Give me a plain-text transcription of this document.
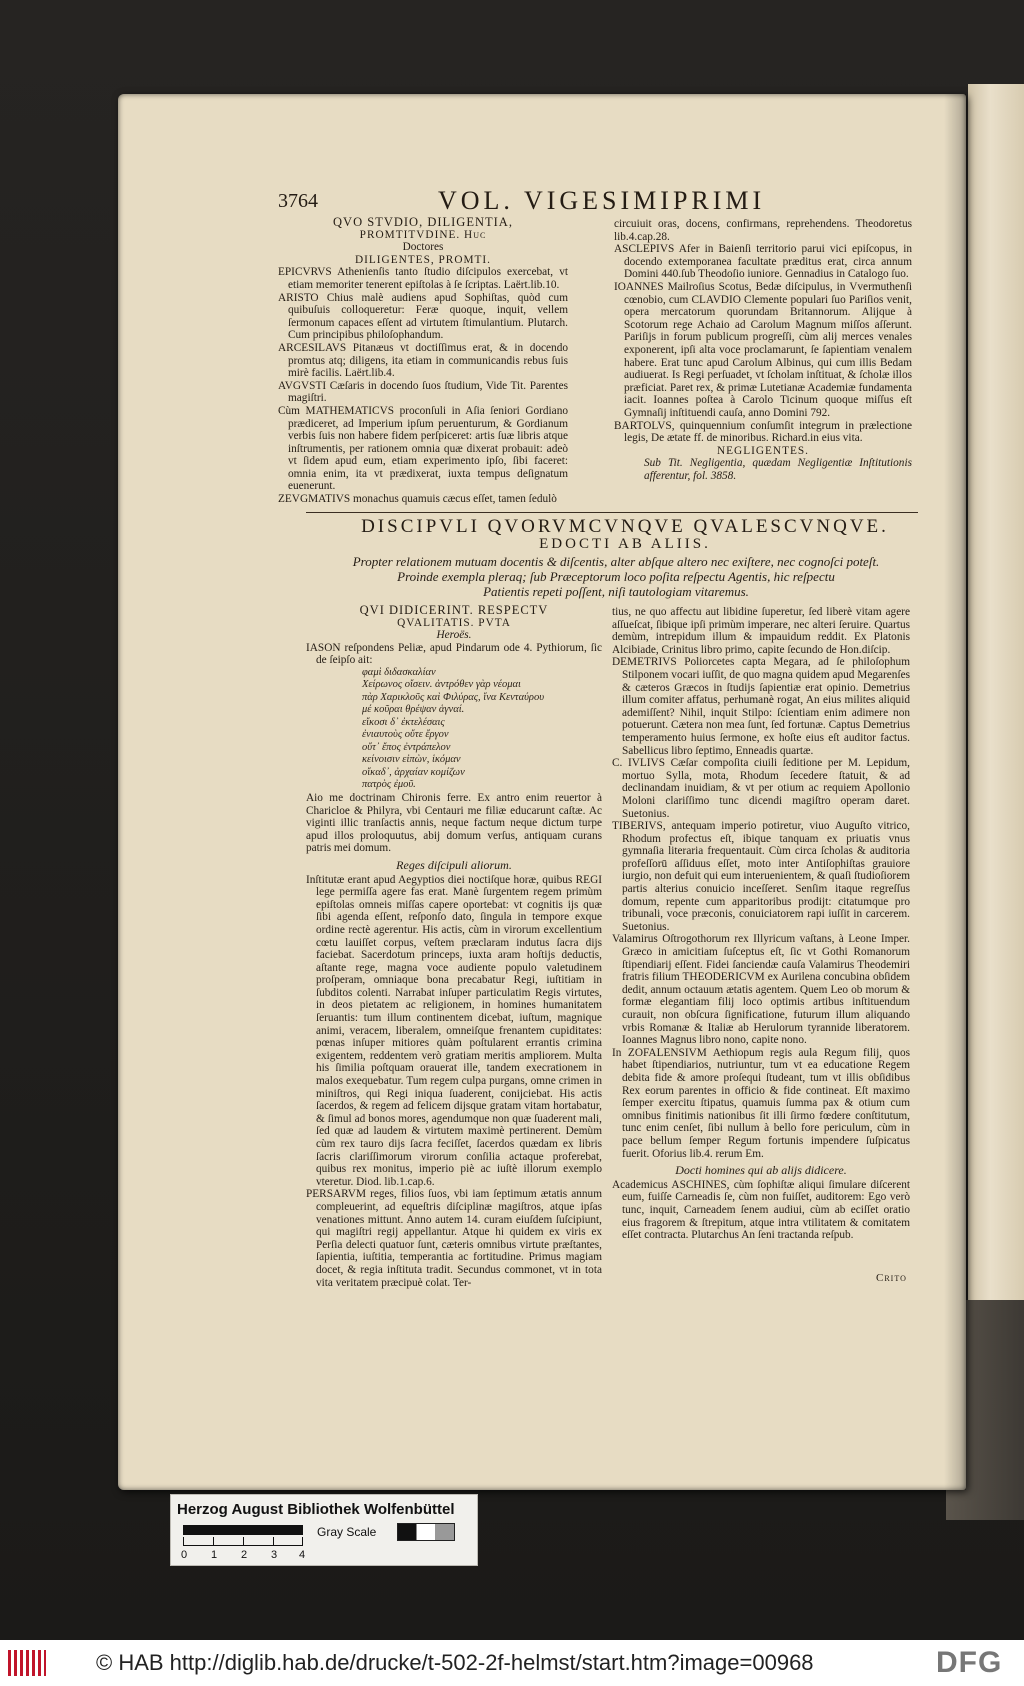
3764	VOL. VIGESIMIPRIMI

QVO STVDIO, DILIGENTIA,

PROMTITVDINE. Huc

Doctores

DILIGENTES, PROMTI.

EPICVRVS Athenienſis tanto ſtudio diſcipulos exercebat, vt etiam memoriter tenerent epiſtolas à ſe ſcriptas. Laërt.lib.10.

ARISTO Chius malè audiens apud Sophiſtas, quòd cum quibuſuis colloqueretur: Feræ quoque, inquit, vellem ſermonum capaces eſſent ad virtutem ſtimulantium. Plutarch. Cum principibus philoſophandum.

ARCESILAVS Pitanæus vt doctiſſimus erat, & in docendo promtus atq; diligens, ita etiam in communicandis rebus ſuis mirè facilis. Laërt.lib.4.

AVGVSTI Cæſaris in docendo ſuos ſtudium, Vide Tit. Parentes magiſtri.

Cùm MATHEMATICVS proconſuli in Aſia ſeniori Gordiano prædiceret, ad Imperium ipſum peruenturum, & Gordianum verbis ſuis non habere fidem perſpiceret: artis ſuæ libris atque inſtrumentis, per rationem omnia quæ dixerat probauit: adeò vt ſidem apud eum, etiam experimento ipſo, ſibi faceret: omnia enim, ita vt prædixerat, iuxta tempus deſignatum euenerunt.

ZEVGMATIVS monachus quamuis cæcus eſſet, tamen ſedulò

circuiuit oras, docens, confirmans, reprehendens. Theodoretus lib.4.cap.28.

ASCLEPIVS Afer in Baienſi territorio parui vici epiſcopus, in docendo extemporanea facultate præditus erat, circa annum Domini 440.ſub Theodoſio iuniore. Gennadius in Catalogo ſuo.

IOANNES Mailroſius Scotus, Bedæ diſcipulus, in Vvermuthenſi cœnobio, cum CLAVDIO Clemente populari ſuo Pariſios venit, opera mercatorum quorundam Britannorum. Alijque à Scotorum rege Achaio ad Carolum Magnum miſſos aſſerunt. Pariſijs in forum publicum progreſſi, cùm alij merces venales exponerent, ipſi alta voce proclamarunt, ſe ſapientiam venalem habere. Erat tunc apud Carolum Albinus, qui cum illis Bedam audiuerat. Is Regi perſuadet, vt ſcholam inſtituat, & ſcholæ illos præficiat. Paret rex, & primæ Lutetianæ Academiæ fundamenta iacit. Ioannes poſtea à Carolo Ticinum quoque miſſus eſt Gymnaſij inſtituendi cauſa, anno Domini 792.

BARTOLVS, quinquennium conſumſit integrum in prælectione legis, De ætate ff. de minoribus. Richard.in eius vita.

NEGLIGENTES.

Sub Tit. Negligentia, quædam Negligentiæ Inſtitutionis afferentur, fol. 3858.

DISCIPVLI QVORVMCVNQVE QVALESCVNQVE.
EDOCTI AB ALIIS.
Propter relationem mutuam docentis & diſcentis, alter abſque altero nec exiſtere, nec cognoſci poteſt.
Proinde exempla pleraq; ſub Præceptorum loco poſita reſpectu Agentis, hic reſpectu
Patientis repeti poſſent, niſi tautologiam vitaremus.

QVI DIDICERINT. RESPECTV

QVALITATIS. PVTA

Heroës.

IASON reſpondens Peliæ, apud Pindarum ode 4. Pythiorum, ſic de ſeipſo ait:

φαμὶ διδασκαλίαν
Χείρωνος οἴσειν. ἀντρόθεν γὰρ νέομαι
πὰρ Χαρικλοῦς καὶ Φιλύρας, ἵνα Κενταύρου
μέ κοῦραι θρέψαν ἁγναί.
εἴκοσι δ᾽ ἐκτελέσαις
ἐνιαυτοὺς οὔτε ἔργον
οὔτ᾽ ἔπος ἐντράπελον
κείνοισιν εἰπὼν, ἱκόμαν
οἴκαδ᾽, ἀρχαίαν κομίζων
πατρὸς ἐμοῦ.

Aio me doctrinam Chironis ferre. Ex antro enim reuertor à Charicloe & Philyra, vbi Centauri me filiæ educarunt caſtæ. Ac viginti illic tranſactis annis, neque factum neque dictum turpe apud illos proloquutus, abij domum verſus, antiquam curans patris mei domum.

Reges diſcipuli aliorum.

Inſtitutæ erant apud Aegyptios diei noctiſque horæ, quibus REGI lege permiſſa agere fas erat. Manè ſurgentem regem primùm epiſtolas omneis miſſas capere oportebat: vt cognitis ijs quæ ſibi agenda eſſent, reſponſo dato, ſingula in tempore exque ordine rectè agerentur. His actis, cùm in virorum excellentium cœtu lauiſſet corpus, veſtem præclaram indutus ſacra dijs faciebat. Sacerdotum princeps, iuxta aram hoſtijs deductis, aſtante rege, magna voce audiente populo valetudinem proſperam, omniaque bona precabatur Regi, iuſtitiam in ſubditos colenti. Narrabat inſuper particulatim Regis virtutes, in deos pietatem ac religionem, in homines humanitatem ſeruantis: tum illum continentem dicebat, iuſtum, magnique animi, veracem, liberalem, omneiſque frenantem cupiditates: pœnas inſuper mitiores quàm poſtularent errantis crimina exigentem, reddentem verò gratiam meritis ampliorem. Multa his ſimilia poſtquam orauerat ille, tandem execrationem in malos exequebatur. Tum regem culpa purgans, omne crimen in miniſtros, qui Regi iniqua ſuaderent, conijciebat. His actis ſacerdos, & regem ad felicem dijsque gratam vitam hortabatur, & ſimul ad bonos mores, agendumque non quæ ſuaderent mali, ſed quæ ad laudem & virtutem maximè pertinerent. Demùm cùm rex tauro dijs ſacra feciſſet, ſacerdos quædam ex libris ſacris clariſſimorum virorum conſilia actaque proferebat, quibus rex monitus, imperio piè ac iuſtè illorum exemplo vteretur. Diod. lib.1.cap.6.

PERSARVM reges, filios ſuos, vbi iam ſeptimum ætatis annum compleuerint, ad equeſtris diſciplinæ magiſtros, atque ipſas venationes mittunt. Anno autem 14. curam eiuſdem ſuſcipiunt, qui magiſtri regij appellantur. Atque hi quidem ex viris ex Perſia delecti quatuor ſunt, cæteris omnibus virtute præſtantes, ſapientia, iuſtitia, temperantia ac fortitudine. Primus magiam docet, & regia inſtituta tradit. Secundus commonet, vt in tota vita veritatem præcipuè colat. Ter-

tius, ne quo affectu aut libidine ſuperetur, ſed liberè vitam agere aſſueſcat, ſibique ipſi primùm imperare, nec alteri ſeruire. Quartus demùm, intrepidum illum & impauidum reddit. Ex Platonis Alcibiade, Crinitus libro primo, capite ſecundo de Hon.diſcip.

DEMETRIVS Poliorcetes capta Megara, ad ſe philoſophum Stilponem vocari iuſſit, de quo magna quidem apud Megarenſes & cæteros Græcos in ſtudijs ſapientiæ erat opinio. Demetrius illum comiter affatus, perhumanè rogat, An eius milites aliquid ademiſſent? Nihil, inquit Stilpo: ſcientiam enim adimere non potuerunt. Cætera non mea ſunt, ſed fortunæ. Captus Demetrius temperamento huius ſermone, ex hoſte eius eſt auditor factus. Sabellicus libro ſeptimo, Enneadis quartæ.

C. IVLIVS Cæſar compoſita ciuili ſeditione per M. Lepidum, mortuo Sylla, mota, Rhodum ſecedere ſtatuit, & ad declinandam inuidiam, & vt per otium ac requiem Apollonio Moloni clariſſimo tunc dicendi magiſtro operam daret. Suetonius.

TIBERIVS, antequam imperio potiretur, viuo Auguſto vitrico, Rhodum profectus eſt, ibique tanquam ex priuatis vnus gymnaſia literaria frequentauit. Cùm circa ſcholas & auditoria profeſſorū aſſiduus eſſet, moto inter Antiſophiſtas grauiore iurgio, non defuit qui eum interuenientem, & quaſi ſtudioſiorem partis alterius conuicio inceſſeret. Senſim itaque regreſſus domum, repente cum apparitoribus prodijt: citatumque pro tribunali, voce præconis, conuiciatorem rapi iuſſit in carcerem. Suetonius.

Valamirus Oſtrogothorum rex Illyricum vaſtans, à Leone Imper. Græco in amicitiam ſuſceptus eſt, ſic vt Gothi Romanorum ſtipendiarij eſſent. Fidei ſanciendæ cauſa Valamirus Theodemiri fratris filium THEODERICVM ex Aurilena concubina obſidem dedit, annum octauum ætatis agentem. Quem Leo ob morum & formæ elegantiam filij loco optimis artibus inſtituendum curauit, non obſcura ſignificatione, futurum illum aliquando vrbis Romanæ & Italiæ ab Herulorum tyrannide liberatorem. Ioannes Magnus libro nono, capite nono.

In ZOFALENSIVM Aethiopum regis aula Regum filij, quos habet ſtipendiarios, nutriuntur, tum vt ea educatione Regem debita fide & amore proſequi ſtudeant, tum vt illis obſidibus Rex eorum parentes in officio & fide contineat. Eſt maximo ſemper exercitu ſtipatus, quamuis ſumma pax & otium cum omnibus finitimis nationibus ſit illi ſirmo fœdere conſtitutum, tunc enim cenſet, ſibi nullum à bello fore periculum, cùm in pace bellum ſemper Regum fortunis impendere ſuſpicatus fuerit. Oforius lib.4. rerum Em.

Docti homines qui ab alijs didicere.

Academicus ASCHINES, cùm ſophiſtæ aliqui ſimulare diſcerent eum, fuiſſe Carneadis ſe, cùm non fuiſſet, auditorem: Ego verò tunc, inquit, Carneadem ſenem audiui, cùm ab eciſſet oratio eius fragorem & ſtrepitum, atque intra vtilitatem & comitatem eſſet contracta. Plutarchus An ſeni tractanda reſpub.

Crito
Herzog August Bibliothek Wolfenbüttel
0 1 2 3 4
Gray Scale
© HAB http://diglib.hab.de/drucke/t-502-2f-helmst/start.htm?image=00968	DFG
